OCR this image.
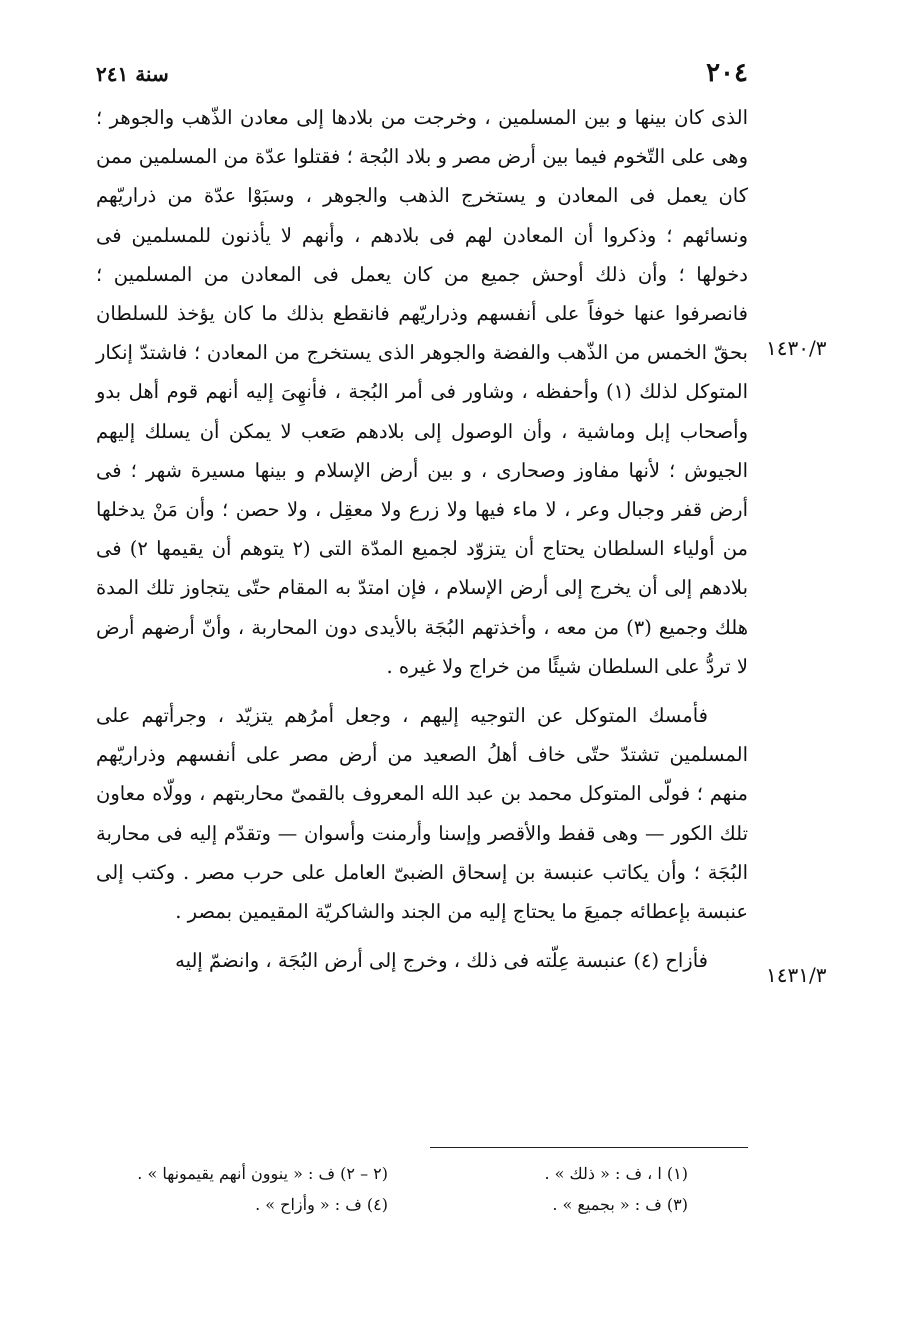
٢٠٤
سنة ٢٤١
١٤٣٠/٣
١٤٣١/٣

الذى كان بينها و بين المسلمين ، وخرجت من بلادها إلى معادن الذّهب والجوهر ؛ وهى على التّخوم فيما بين أرض مصر و بلاد البُجة ؛ فقتلوا عدّة من المسلمين ممن كان يعمل فى المعادن و يستخرج الذهب والجوهر ، وسبَوْا عدّة من ذراريّهم ونسائهم ؛ وذكروا أن المعادن لهم فى بلادهم ، وأنهم لا يأذنون للمسلمين فى دخولها ؛ وأن ذلك أوحش جميع من كان يعمل فى المعادن من المسلمين ؛ فانصرفوا عنها خوفاً على أنفسهم وذراريّهم فانقطع بذلك ما كان يؤخذ للسلطان بحقّ الخمس من الذّهب والفضة والجوهر الذى يستخرج من المعادن ؛ فاشتدّ إنكار المتوكل لذلك (١) وأحفظه ، وشاور فى أمر البُجة ، فأنهِىَ إليه أنهم قوم أهل بدو وأصحاب إبل وماشية ، وأن الوصول إلى بلادهم صَعب لا يمكن أن يسلك إليهم الجيوش ؛ لأنها مفاوز وصحارى ، و بين أرض الإسلام و بينها مسيرة شهر ؛ فى أرض قفر وجبال وعر ، لا ماء فيها ولا زرع ولا معقِل ، ولا حصن ؛ وأن مَنْ يدخلها من أولياء السلطان يحتاج أن يتزوّد لجميع المدّة التى (٢ يتوهم أن يقيمها ٢) فى بلادهم إلى أن يخرج إلى أرض الإسلام ، فإن امتدّ به المقام حتّى يتجاوز تلك المدة هلك وجميع (٣) من معه ، وأخذتهم البُجَة بالأيدى دون المحاربة ، وأنّ أرضهم أرض لا تردُّ على السلطان شيئًا من خراج ولا غيره .

فأمسك المتوكل عن التوجيه إليهم ، وجعل أمرُهم يتزيّد ، وجرأتهم على المسلمين تشتدّ حتّى خاف أهلُ الصعيد من أرض مصر على أنفسهم وذراريّهم منهم ؛ فولّى المتوكل محمد بن عبد الله المعروف بالقمىّ محاربتهم ، وولّاه معاون تلك الكور — وهى قفط والأقصر وإسنا وأرمنت وأسوان — وتقدّم إليه فى محاربة البُجَة ؛ وأن يكاتب عنبسة بن إسحاق الضبىّ العامل على حرب مصر . وكتب إلى عنبسة بإعطائه جميعَ ما يحتاج إليه من الجند والشاكريّة المقيمين بمصر .

فأزاح (٤) عنبسة عِلّته فى ذلك ، وخرج إلى أرض البُجَة ، وانضمّ إليه

(١) ا ، ف : « ذلك » .
(٣) ف : « بجميع » .
(٢ – ٢) ف : « ينوون أنهم يقيمونها » .
(٤) ف : « وأزاح » .
